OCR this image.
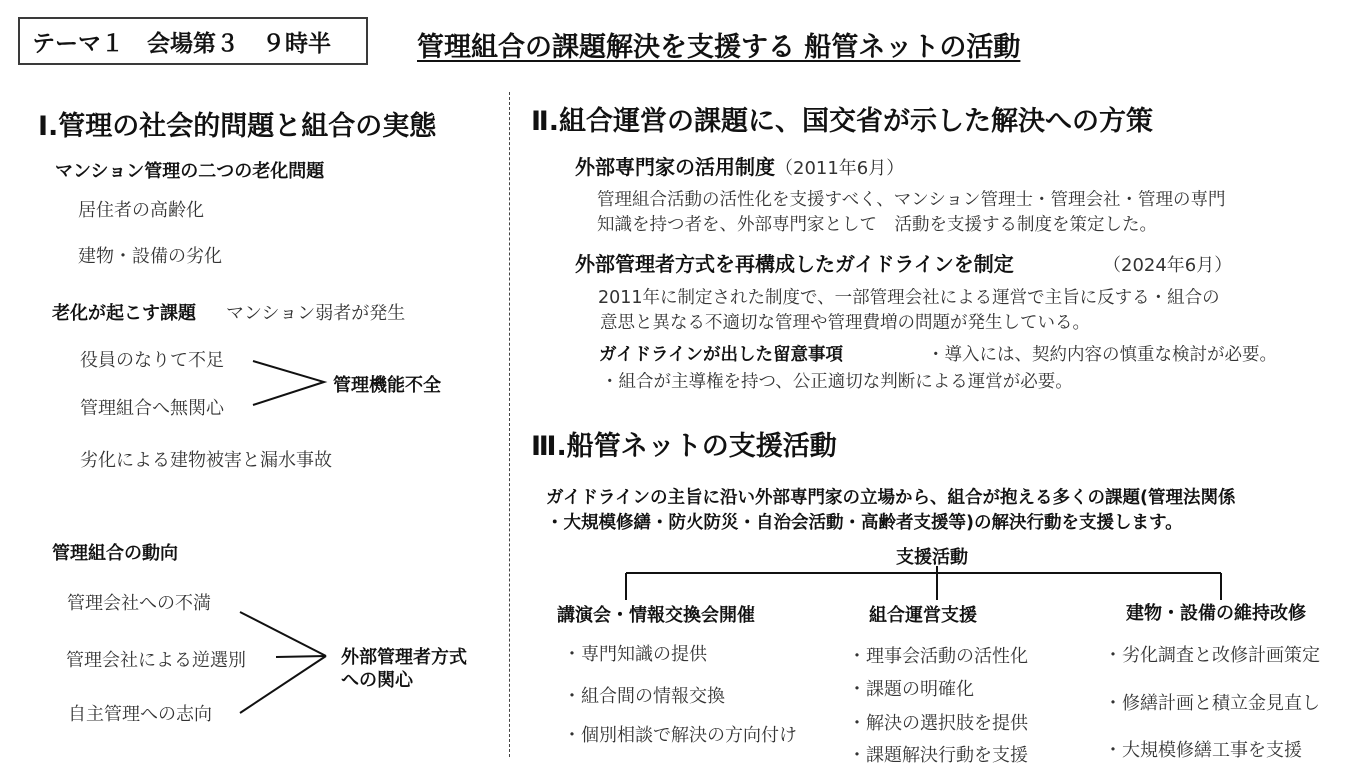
テーマ１　会場第３　９時半	管理組合の課題解決を支援する 船管ネットの活動
Ⅰ.管理の社会的問題と組合の実態
マンション管理の二つの老化問題
居住者の高齢化
建物・設備の劣化
老化が起こす課題 マンション弱者が発生
役員のなりて不足
管理組合へ無関心
管理機能不全
劣化による建物被害と漏水事故
管理組合の動向
管理会社への不満
管理会社による逆選別
自主管理への志向
外部管理者方式
への関心
Ⅱ.組合運営の課題に、国交省が示した解決への方策
外部専門家の活用制度（2011年6月）
管理組合活動の活性化を支援すべく、マンション管理士・管理会社・管理の専門
知識を持つ者を、外部専門家として　活動を支援する制度を策定した。
外部管理者方式を再構成したガイドラインを制定	（2024年6月）
2011年に制定された制度で、一部管理会社による運営で主旨に反する・組合の
意思と異なる不適切な管理や管理費増の問題が発生している。
ガイドラインが出した留意事項	・導入には、契約内容の慎重な検討が必要。
・組合が主導権を持つ、公正適切な判断による運営が必要。
Ⅲ.船管ネットの支援活動
ガイドラインの主旨に沿い外部専門家の立場から、組合が抱える多くの課題(管理法関係
・大規模修繕・防火防災・自治会活動・高齢者支援等)の解決行動を支援します。
支援活動
講演会・情報交換会開催
・専門知識の提供
・組合間の情報交換
・個別相談で解決の方向付け
組合運営支援
・理事会活動の活性化
・課題の明確化
・解決の選択肢を提供
・課題解決行動を支援
建物・設備の維持改修
・劣化調査と改修計画策定
・修繕計画と積立金見直し
・大規模修繕工事を支援
